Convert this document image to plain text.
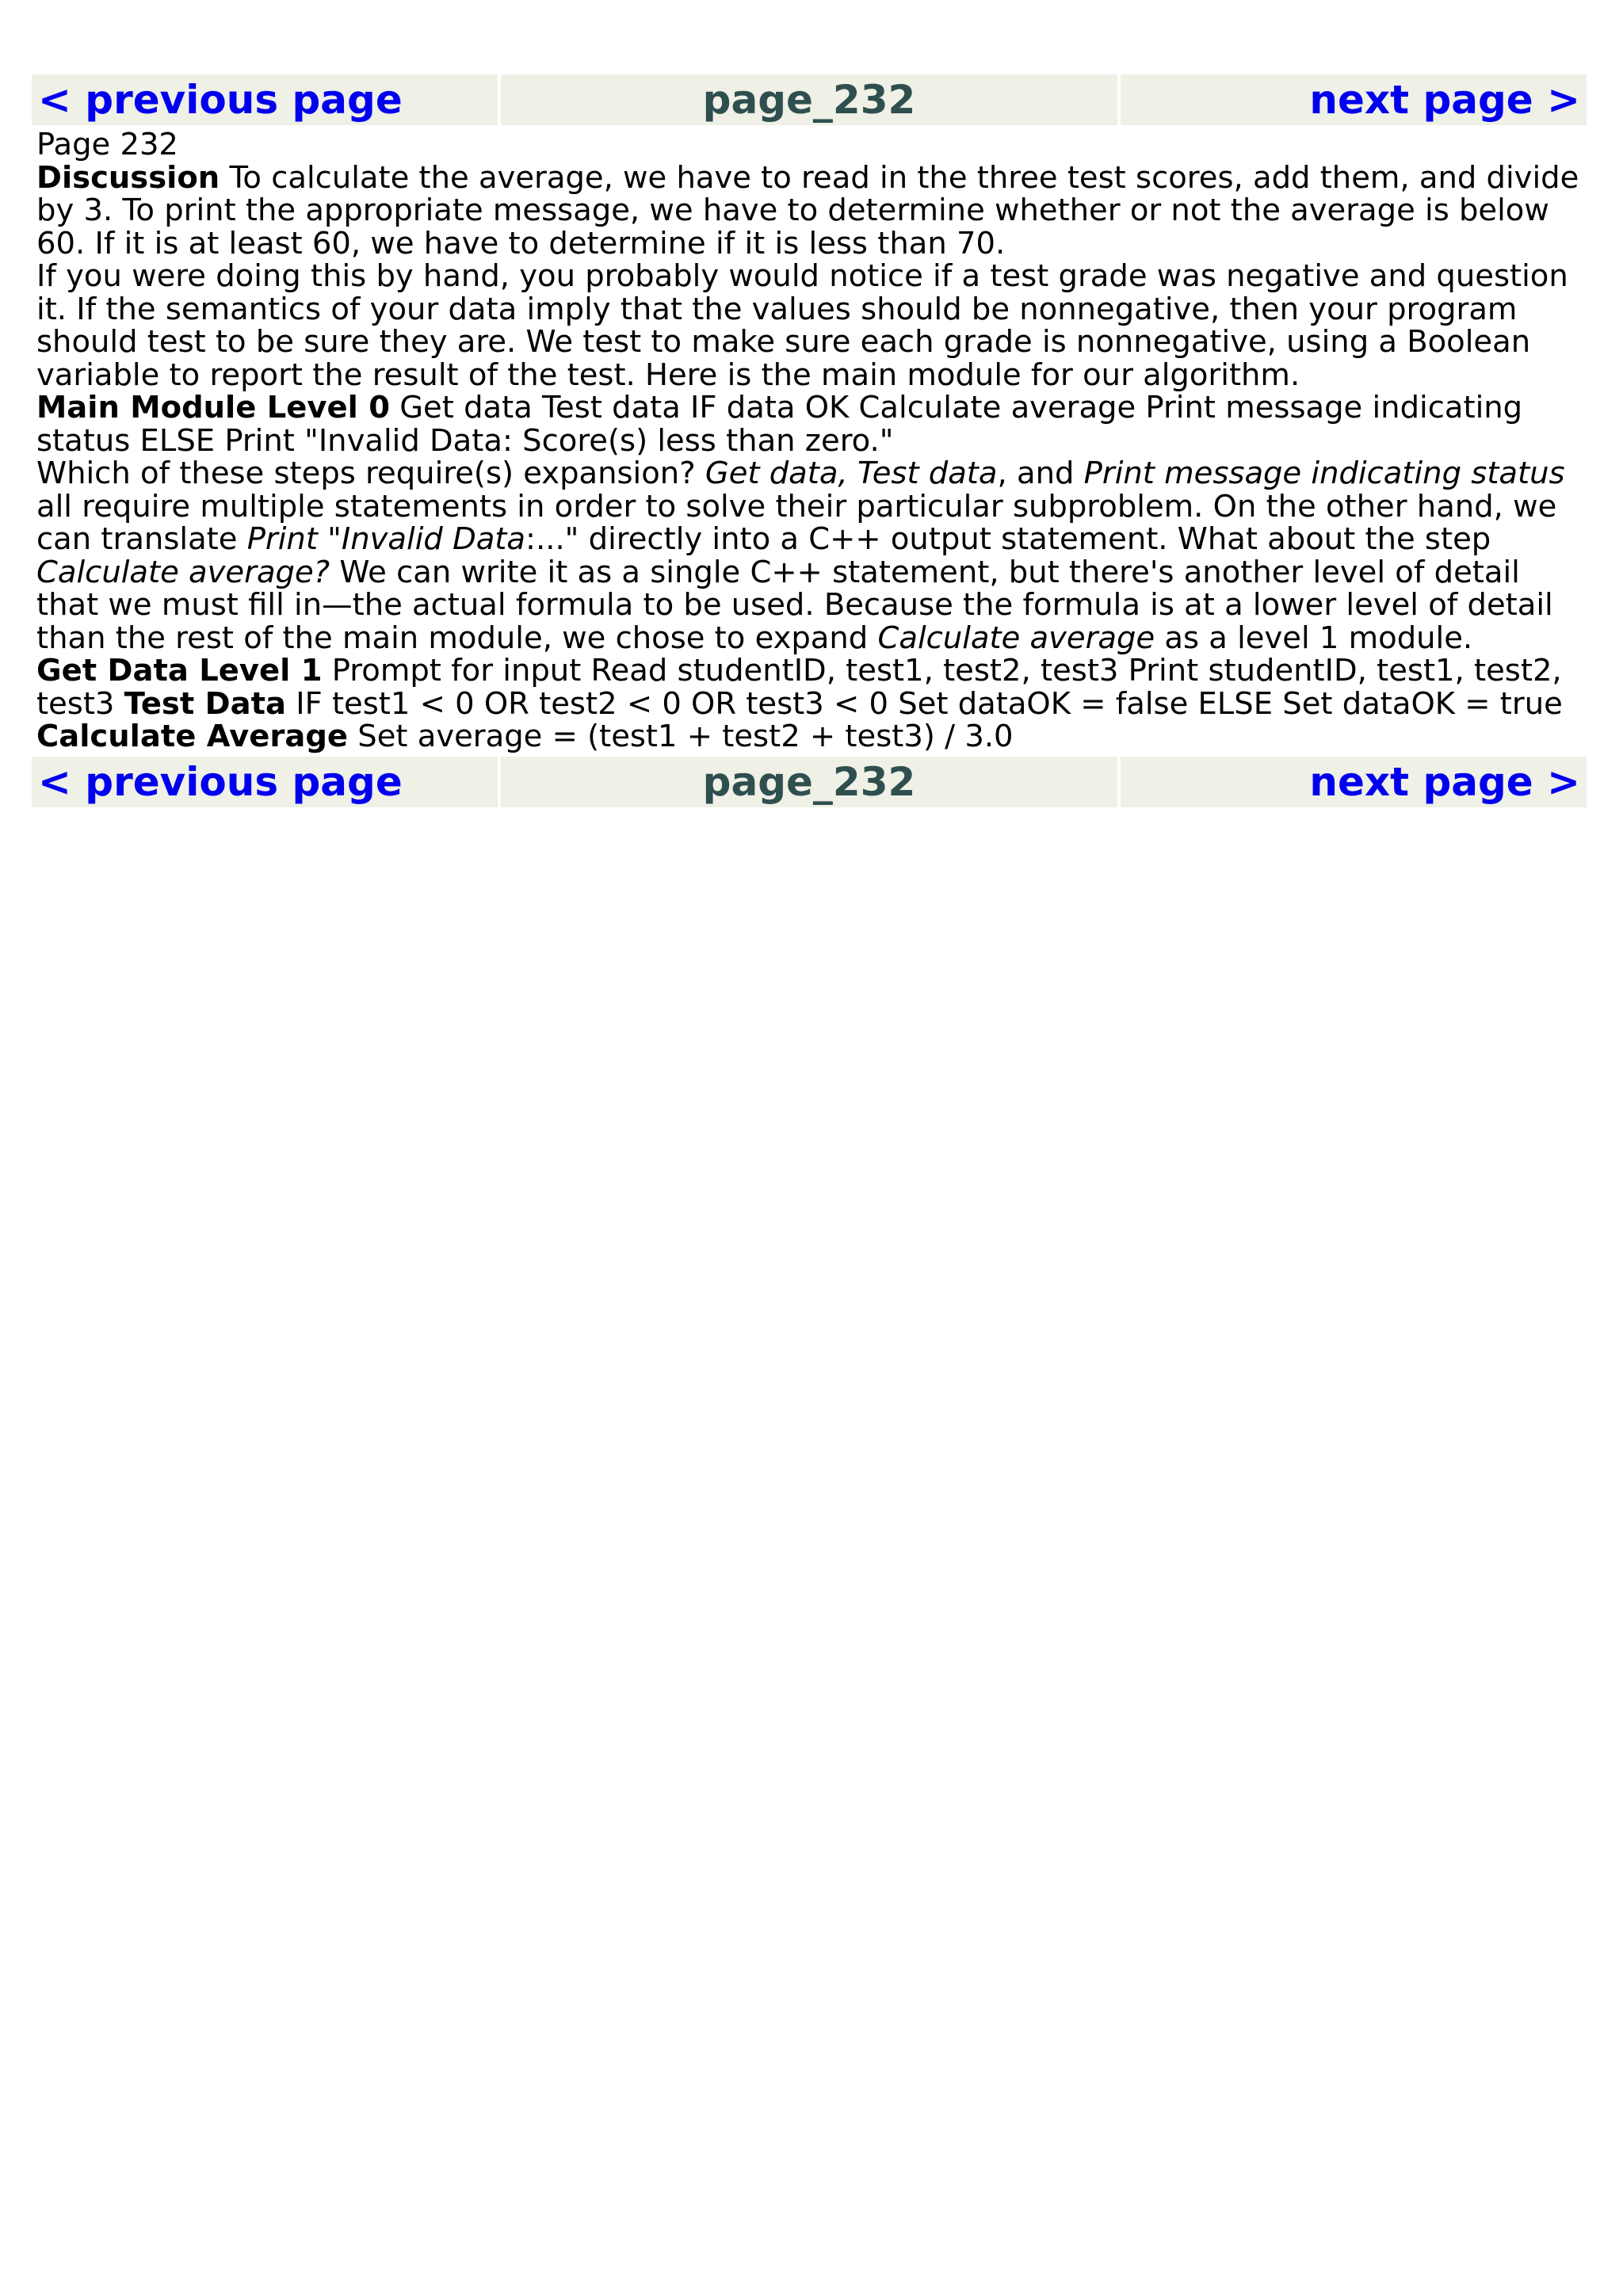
< previous page	page_232	next page >

Page 232

Discussion To calculate the average, we have to read in the three test scores, add them, and divide by 3. To print the appropriate message, we have to determine whether or not the average is below 60. If it is at least 60, we have to determine if it is less than 70.

If you were doing this by hand, you probably would notice if a test grade was negative and question it. If the semantics of your data imply that the values should be nonnegative, then your program should test to be sure they are. We test to make sure each grade is nonnegative, using a Boolean variable to report the result of the test. Here is the main module for our algorithm.

Main Module Level 0 Get data Test data IF data OK Calculate average Print message indicating status ELSE Print "Invalid Data: Score(s) less than zero."

Which of these steps require(s) expansion? Get data, Test data, and Print message indicating status all require multiple statements in order to solve their particular subproblem. On the other hand, we can translate Print "Invalid Data:..." directly into a C++ output statement. What about the step Calculate average? We can write it as a single C++ statement, but there's another level of detail that we must fill in—the actual formula to be used. Because the formula is at a lower level of detail than the rest of the main module, we chose to expand Calculate average as a level 1 module.

Get Data Level 1 Prompt for input Read studentID, test1, test2, test3 Print studentID, test1, test2, test3 Test Data IF test1 < 0 OR test2 < 0 OR test3 < 0 Set dataOK = false ELSE Set dataOK = true Calculate Average Set average = (test1 + test2 + test3) / 3.0

< previous page	page_232	next page >
